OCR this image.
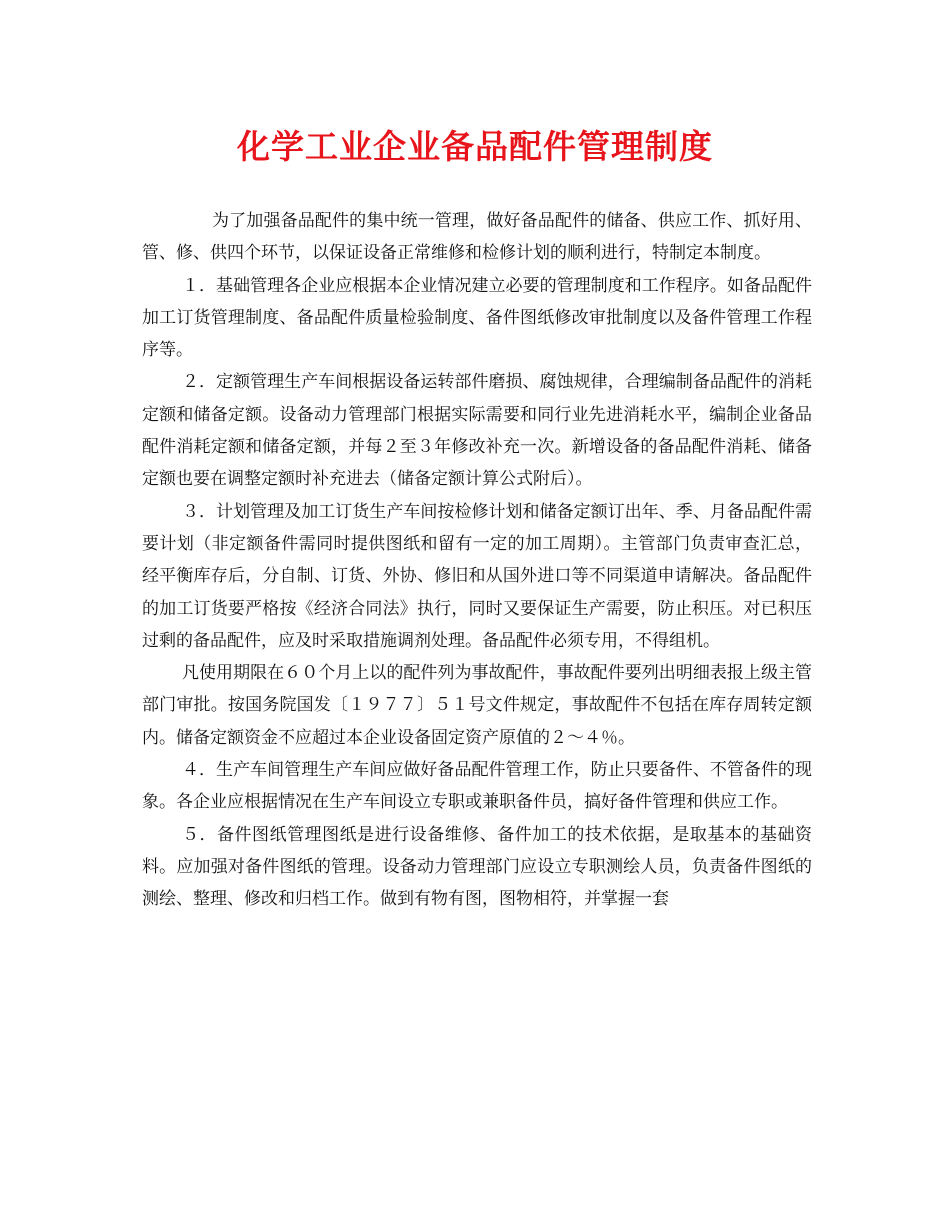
化学工业企业备品配件管理制度

为了加强备品配件的集中统一管理，做好备品配件的储备、供应工作、抓好用、管、修、供四个环节，以保证设备正常维修和检修计划的顺利进行，特制定本制度。

１．基础管理各企业应根据本企业情况建立必要的管理制度和工作程序。如备品配件加工订货管理制度、备品配件质量检验制度、备件图纸修改审批制度以及备件管理工作程序等。

２．定额管理生产车间根据设备运转部件磨损、腐蚀规律，合理编制备品配件的消耗定额和储备定额。设备动力管理部门根据实际需要和同行业先进消耗水平，编制企业备品配件消耗定额和储备定额，并每２至３年修改补充一次。新增设备的备品配件消耗、储备定额也要在调整定额时补充进去（储备定额计算公式附后）。

３．计划管理及加工订货生产车间按检修计划和储备定额订出年、季、月备品配件需要计划（非定额备件需同时提供图纸和留有一定的加工周期）。主管部门负责审查汇总，经平衡库存后，分自制、订货、外协、修旧和从国外进口等不同渠道申请解决。备品配件的加工订货要严格按《经济合同法》执行，同时又要保证生产需要，防止积压。对已积压过剩的备品配件，应及时采取措施调剂处理。备品配件必须专用，不得组机。

凡使用期限在６０个月上以的配件列为事故配件，事故配件要列出明细表报上级主管部门审批。按国务院国发〔１９７７〕５１号文件规定，事故配件不包括在库存周转定额内。储备定额资金不应超过本企业设备固定资产原值的２～４％。

４．生产车间管理生产车间应做好备品配件管理工作，防止只要备件、不管备件的现象。各企业应根据情况在生产车间设立专职或兼职备件员，搞好备件管理和供应工作。

５．备件图纸管理图纸是进行设备维修、备件加工的技术依据，是取基本的基础资料。应加强对备件图纸的管理。设备动力管理部门应设立专职测绘人员，负责备件图纸的测绘、整理、修改和归档工作。做到有物有图，图物相符，并掌握一套
